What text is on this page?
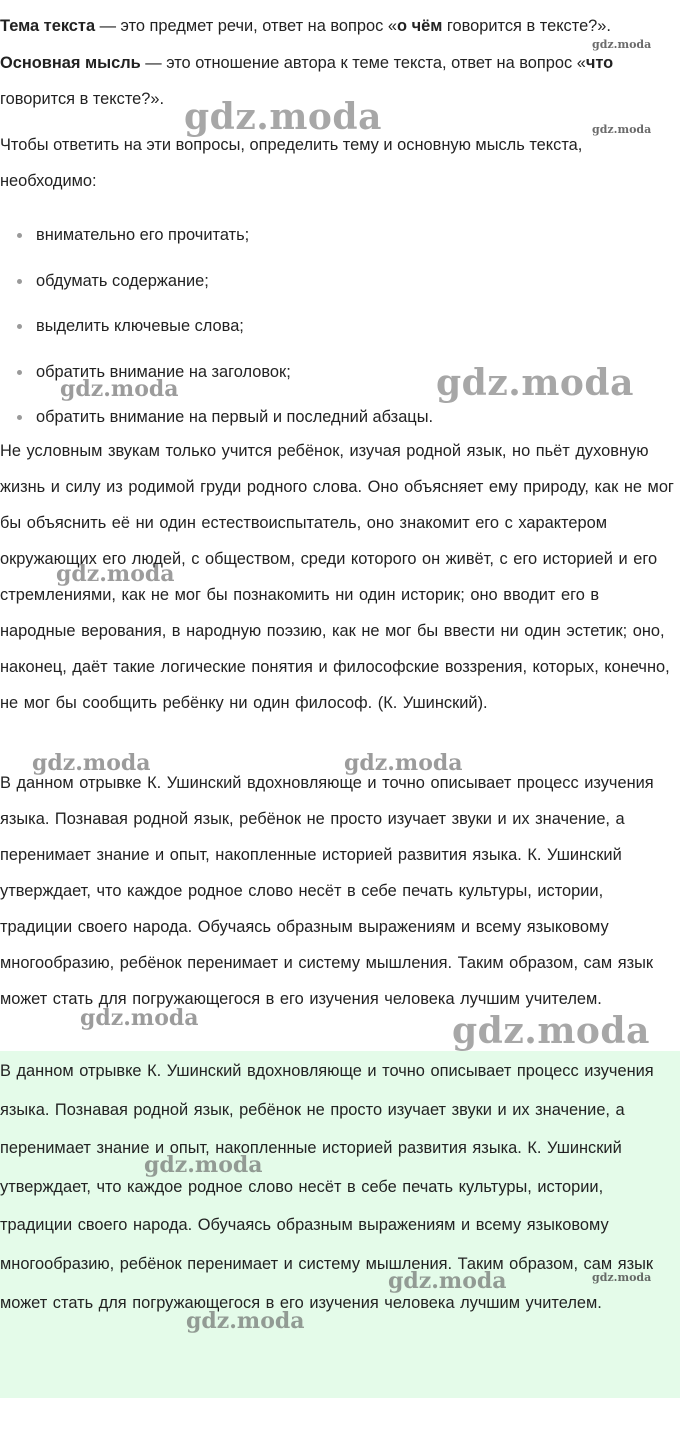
Тема текста — это предмет речи, ответ на вопрос «о чём говорится в тексте?».

Основная мысль — это отношение автора к теме текста, ответ на вопрос «что говорится в тексте?».

Чтобы ответить на эти вопросы, определить тему и основную мысль текста, необходимо:

внимательно его прочитать;
обдумать содержание;
выделить ключевые слова;
обратить внимание на заголовок;
обратить внимание на первый и последний абзацы.

Не условным звукам только учится ребёнок, изучая родной язык, но пьёт духовную жизнь и силу из родимой груди родного слова. Оно объясняет ему природу, как не мог бы объяснить её ни один естествоиспытатель, оно знакомит его с характером окружающих его людей, с обществом, среди которого он живёт, с его историей и его стремлениями, как не мог бы познакомить ни один историк; оно вводит его в народные верования, в народную поэзию, как не мог бы ввести ни один эстетик; оно, наконец, даёт такие логические понятия и философские воззрения, которых, конечно, не мог бы сообщить ребёнку ни один философ. (К. Ушинский).

В данном отрывке К. Ушинский вдохновляюще и точно описывает процесс изучения языка. Познавая родной язык, ребёнок не просто изучает звуки и их значение, а перенимает знание и опыт, накопленные историей развития языка. К. Ушинский утверждает, что каждое родное слово несёт в себе печать культуры, истории, традиции своего народа. Обучаясь образным выражениям и всему языковому многообразию, ребёнок перенимает и систему мышления. Таким образом, сам язык может стать для погружающегося в его изучения человека лучшим учителем.

В данном отрывке К. Ушинский вдохновляюще и точно описывает процесс изучения языка. Познавая родной язык, ребёнок не просто изучает звуки и их значение, а перенимает знание и опыт, накопленные историей развития языка. К. Ушинский утверждает, что каждое родное слово несёт в себе печать культуры, истории, традиции своего народа. Обучаясь образным выражениям и всему языковому многообразию, ребёнок перенимает и систему мышления. Таким образом, сам язык может стать для погружающегося в его изучения человека лучшим учителем.

gdz.moda
gdz.moda	gdz.moda
gdz.moda	gdz.moda
gdz.moda
gdz.moda	gdz.moda
gdz.moda	gdz.moda
gdz.moda
gdz.moda
gdz.moda
gdz.moda
